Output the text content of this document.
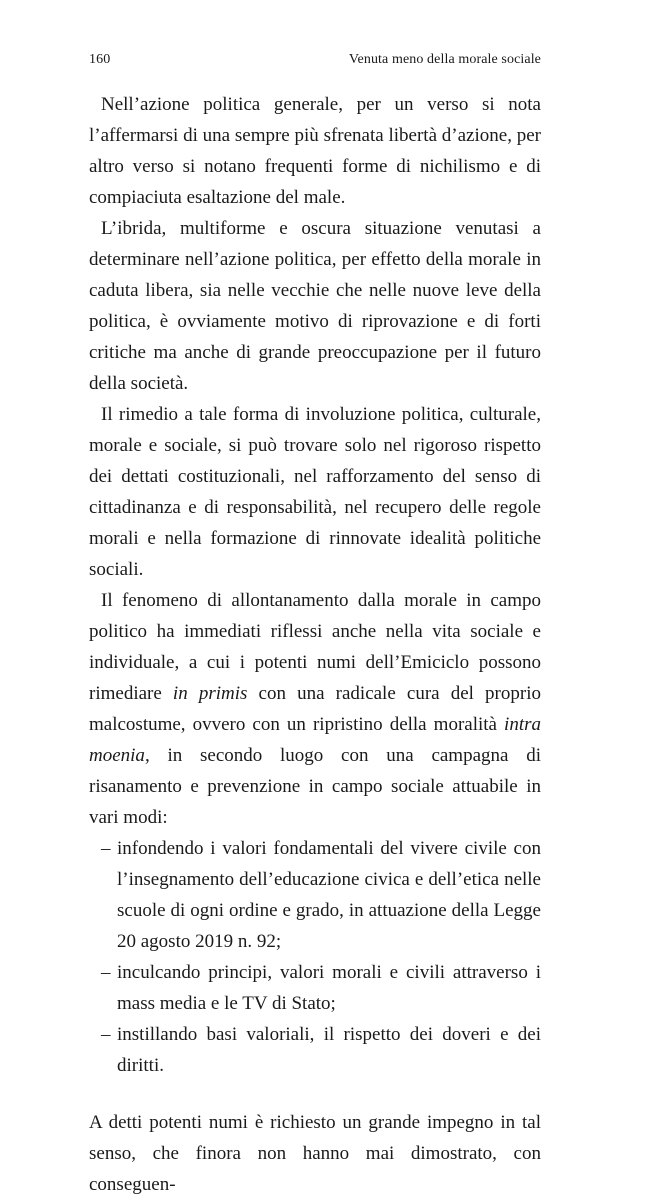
160	Venuta meno della morale sociale

Nell’azione politica generale, per un verso si nota l’affermarsi di una sempre più sfrenata libertà d’azione, per altro verso si notano frequenti forme di nichilismo e di compiaciuta esaltazione del male.

L’ibrida, multiforme e oscura situazione venutasi a determinare nell’azione politica, per effetto della morale in caduta libera, sia nelle vecchie che nelle nuove leve della politica, è ovviamente motivo di riprovazione e di forti critiche ma anche di grande preoccupazione per il futuro della società.

Il rimedio a tale forma di involuzione politica, culturale, morale e sociale, si può trovare solo nel rigoroso rispetto dei dettati costituzionali, nel rafforzamento del senso di cittadinanza e di responsabilità, nel recupero delle regole morali e nella formazione di rinnovate idealità politiche sociali.

Il fenomeno di allontanamento dalla morale in campo politico ha immediati riflessi anche nella vita sociale e individuale, a cui i potenti numi dell’Emiciclo possono rimediare in primis con una radicale cura del proprio malcostume, ovvero con un ripristino della moralità intra moenia, in secondo luogo con una campagna di risanamento e prevenzione in campo sociale attuabile in vari modi:

– infondendo i valori fondamentali del vivere civile con l’insegnamento dell’educazione civica e dell’etica nelle scuole di ogni ordine e grado, in attuazione della Legge 20 agosto 2019 n. 92;
– inculcando principi, valori morali e civili attraverso i mass media e le TV di Stato;
– instillando basi valoriali, il rispetto dei doveri e dei diritti.

A detti potenti numi è richiesto un grande impegno in tal senso, che finora non hanno mai dimostrato, con conseguen-
